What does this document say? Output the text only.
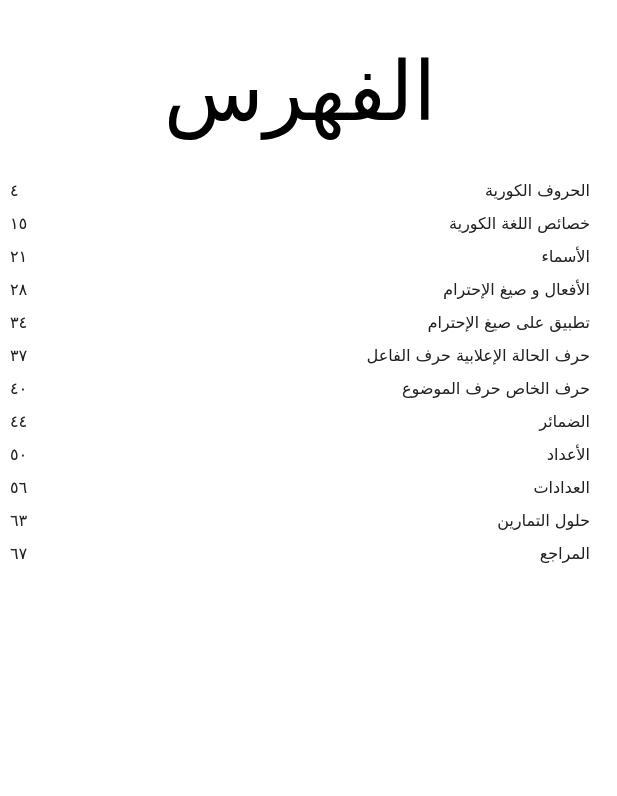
الفهرس
الحروف الكورية
٤
خصائص اللغة الكورية
١٥
الأسماء
٢١
الأفعال و صيغ الإحترام
٢٨
تطبيق على صيغ الإحترام
٣٤
حرف الحالة الإعلابية حرف الفاعل
٣٧
حرف الخاص حرف الموضوع
٤٠
الضمائر
٤٤
الأعداد
٥٠
العدادات
٥٦
حلول التمارين
٦٣
المراجع
٦٧
